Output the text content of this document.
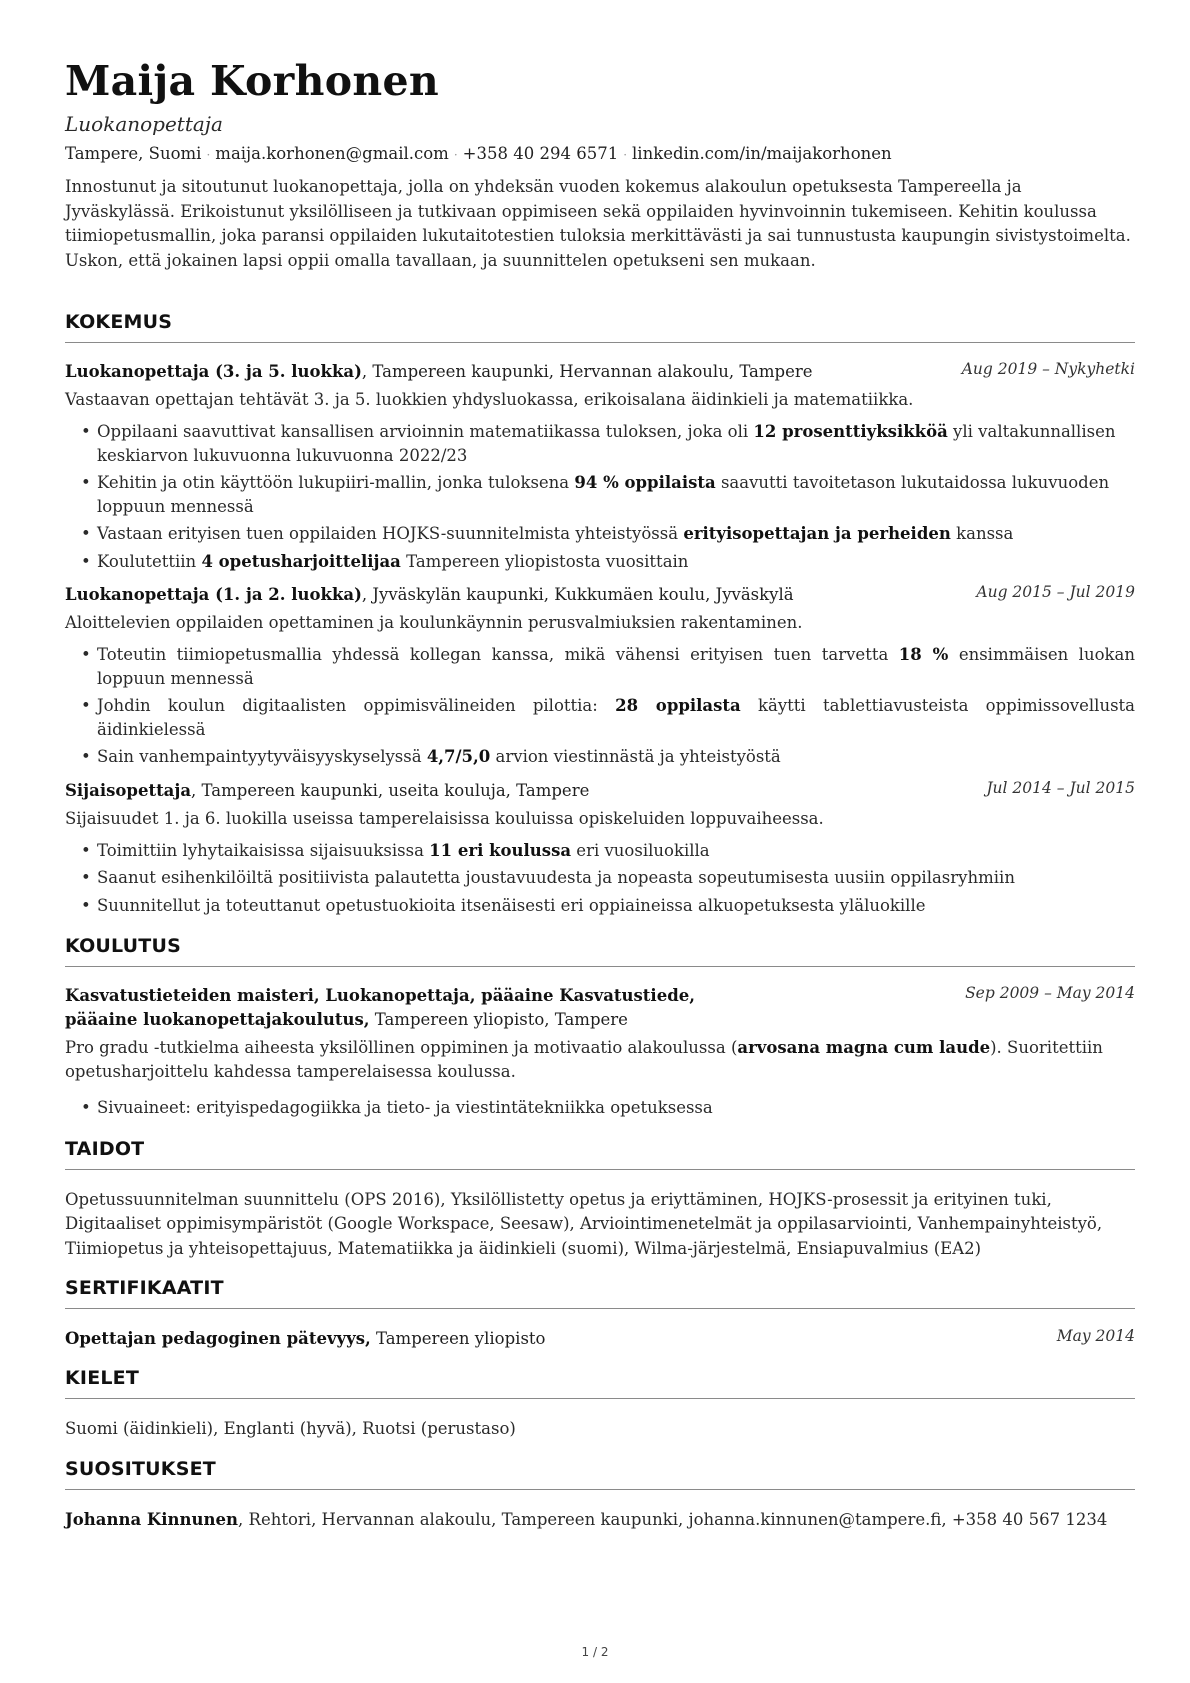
Maija Korhonen
Luokanopettaja
Tampere, Suomi · maija.korhonen@gmail.com · +358 40 294 6571 · linkedin.com/in/maijakorhonen
Innostunut ja sitoutunut luokanopettaja, jolla on yhdeksän vuoden kokemus alakoulun opetuksesta Tampereella ja Jyväskylässä. Erikoistunut yksilölliseen ja tutkivaan oppimiseen sekä oppilaiden hyvinvoinnin tukemiseen. Kehitin koulussa tiimiopetusmallin, joka paransi oppilaiden lukutaitotestien tuloksia merkittävästi ja sai tunnustusta kaupungin sivistystoimelta. Uskon, että jokainen lapsi oppii omalla tavallaan, ja suunnittelen opetukseni sen mukaan.
KOKEMUS
Luokanopettaja (3. ja 5. luokka), Tampereen kaupunki, Hervannan alakoulu, Tampere	Aug 2019 – Nykyhetki
Vastaavan opettajan tehtävät 3. ja 5. luokkien yhdysluokassa, erikoisalana äidinkieli ja matematiikka.
• Oppilaani saavuttivat kansallisen arvioinnin matematiikassa tuloksen, joka oli 12 prosenttiyksikköä yli valtakunnallisen keskiarvon lukuvuonna lukuvuonna 2022/23
• Kehitin ja otin käyttöön lukupiiri-mallin, jonka tuloksena 94 % oppilaista saavutti tavoitetason lukutaidossa lukuvuoden loppuun mennessä
• Vastaan erityisen tuen oppilaiden HOJKS-suunnitelmista yhteistyössä erityisopettajan ja perheiden kanssa
• Koulutettiin 4 opetusharjoittelijaa Tampereen yliopistosta vuosittain
Luokanopettaja (1. ja 2. luokka), Jyväskylän kaupunki, Kukkumäen koulu, Jyväskylä	Aug 2015 – Jul 2019
Aloittelevien oppilaiden opettaminen ja koulunkäynnin perusvalmiuksien rakentaminen.
• Toteutin tiimiopetusmallia yhdessä kollegan kanssa, mikä vähensi erityisen tuen tarvetta 18 % ensimmäisen luokan loppuun mennessä
• Johdin koulun digitaalisten oppimisvälineiden pilottia: 28 oppilasta käytti tablettiavusteista oppimissovellusta äidinkielessä
• Sain vanhempaintyytyväisyyskyselyssä 4,7/5,0 arvion viestinnästä ja yhteistyöstä
Sijaisopettaja, Tampereen kaupunki, useita kouluja, Tampere	Jul 2014 – Jul 2015
Sijaisuudet 1. ja 6. luokilla useissa tamperelaisissa kouluissa opiskeluiden loppuvaiheessa.
• Toimittiin lyhytaikaisissa sijaisuuksissa 11 eri koulussa eri vuosiluokilla
• Saanut esihenkilöiltä positiivista palautetta joustavuudesta ja nopeasta sopeutumisesta uusiin oppilasryhmiin
• Suunnitellut ja toteuttanut opetustuokioita itsenäisesti eri oppiaineissa alkuopetuksesta yläluokille
KOULUTUS
Kasvatustieteiden maisteri, Luokanopettaja, pääaine Kasvatustiede, pääaine luokanopettajakoulutus, Tampereen yliopisto, Tampere
Sep 2009 – May 2014
Pro gradu -tutkielma aiheesta yksilöllinen oppiminen ja motivaatio alakoulussa (arvosana magna cum laude). Suoritettiin opetusharjoittelu kahdessa tamperelaisessa koulussa.
• Sivuaineet: erityispedagogiikka ja tieto- ja viestintätekniikka opetuksessa
TAIDOT
Opetussuunnitelman suunnittelu (OPS 2016), Yksilöllistetty opetus ja eriyttäminen, HOJKS-prosessit ja erityinen tuki, Digitaaliset oppimisympäristöt (Google Workspace, Seesaw), Arviointimenetelmät ja oppilasarviointi, Vanhempainyhteistyö, Tiimiopetus ja yhteisopettajuus, Matematiikka ja äidinkieli (suomi), Wilma-järjestelmä, Ensiapuvalmius (EA2)
SERTIFIKAATIT
Opettajan pedagoginen pätevyys, Tampereen yliopisto	May 2014
KIELET
Suomi (äidinkieli), Englanti (hyvä), Ruotsi (perustaso)
SUOSITUKSET
Johanna Kinnunen, Rehtori, Hervannan alakoulu, Tampereen kaupunki, johanna.kinnunen@tampere.fi, +358 40 567 1234
1 / 2
